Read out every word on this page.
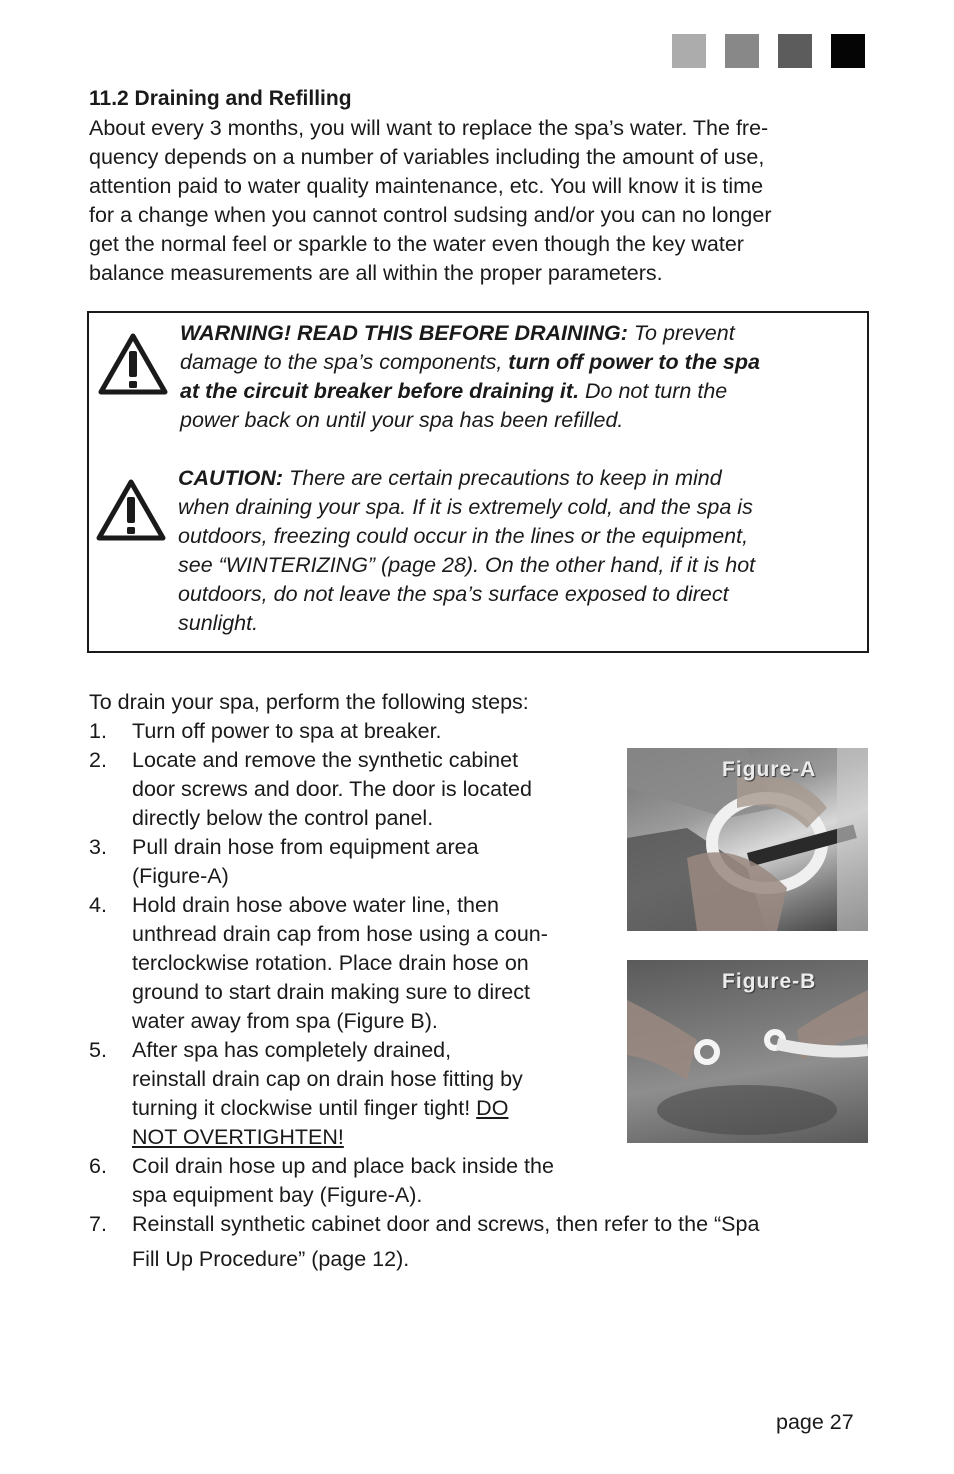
11.2 Draining and Refilling
About every 3 months, you will want to replace the spa’s water. The fre-
quency depends on a number of variables including the amount of use,
attention paid to water quality maintenance, etc. You will know it is time
for a change when you cannot control sudsing and/or you can no longer
get the normal feel or sparkle to the water even though the key water
balance measurements are all within the proper parameters.
WARNING! READ THIS BEFORE DRAINING: To prevent
damage to the spa’s components, turn off power to the spa
at the circuit breaker before draining it. Do not turn the
power back on until your spa has been refilled.
CAUTION: There are certain precautions to keep in mind
when draining your spa. If it is extremely cold, and the spa is
outdoors, freezing could occur in the lines or the equipment,
see “WINTERIZING” (page 28). On the other hand, if it is hot
outdoors, do not leave the spa’s surface exposed to direct
sunlight.

To drain your spa, perform the following steps:

1.	Turn off power to spa at breaker.
2.	Locate and remove the synthetic cabinet
door screws and door. The door is located
directly below the control panel.
3.	Pull drain hose from equipment area
(Figure-A)
4.	Hold drain hose above water line, then
unthread drain cap from hose using a coun-
terclockwise rotation. Place drain hose on
ground to start drain making sure to direct
water away from spa (Figure B).
5.	After spa has completely drained,
reinstall drain cap on drain hose fitting by
turning it clockwise until finger tight! DO
NOT OVERTIGHTEN!
6.	Coil drain hose up and place back inside the
spa equipment bay (Figure-A).
7.	Reinstall synthetic cabinet door and screws, then refer to the “Spa
Fill Up Procedure” (page 12).
Figure-A
Figure-B
page 27
